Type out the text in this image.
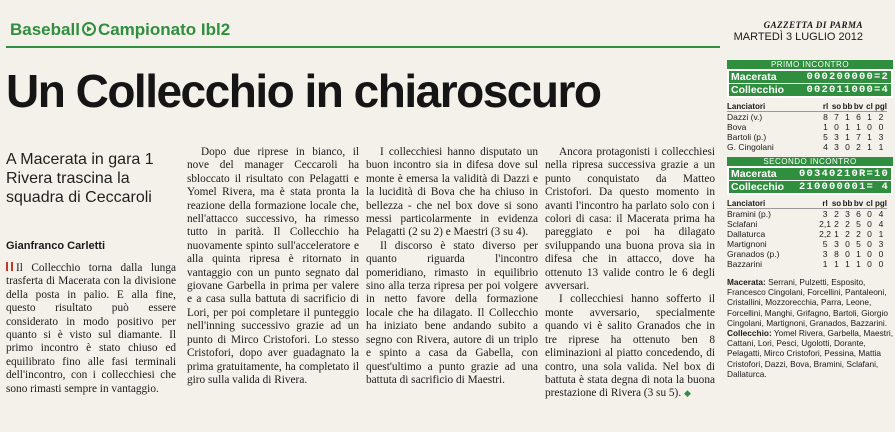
Baseball Campionato Ibl2	GAZZETTA DI PARMA
MARTEDÌ 3 LUGLIO 2012
Un Collecchio in chiaroscuro
A Macerata in gara 1 Rivera trascina la squadra di Ceccaroli
Gianfranco Carletti

Il Collecchio torna dalla lunga trasferta di Macerata con la divisione della posta in palio. E alla fine, questo risultato può essere considerato in modo positivo per quanto si è visto sul diamante. Il primo incontro è stato chiuso ed equilibrato fino alle fasi terminali dell'incontro, con i collecchiesi che sono rimasti sempre in vantaggio.

Dopo due riprese in bianco, il nove del manager Ceccaroli ha sbloccato il risultato con Pelagatti e Yomel Rivera, ma è stata pronta la reazione della formazione locale che, nell'attacco successivo, ha rimesso tutto in parità. Il Collecchio ha nuovamente spinto sull'acceleratore e alla quinta ripresa è ritornato in vantaggio con un punto segnato dal giovane Garbella in prima per valere e a casa sulla battuta di sacrificio di Lori, per poi completare il punteggio nell'inning successivo grazie ad un punto di Mirco Cristofori. Lo stesso Cristofori, dopo aver guadagnato la prima gratuitamente, ha completato il giro sulla valida di Rivera.

I collecchiesi hanno disputato un buon incontro sia in difesa dove sul monte è emersa la validità di Dazzi e la lucidità di Bova che ha chiuso in bellezza - che nel box dove si sono messi particolarmente in evidenza Pelagatti (2 su 2) e Maestri (3 su 4).

Il discorso è stato diverso per quanto riguarda l'incontro pomeridiano, rimasto in equilibrio sino alla terza ripresa per poi volgere in netto favore della formazione locale che ha dilagato. Il Collecchio ha iniziato bene andando subito a segno con Rivera, autore di un triplo e spinto a casa da Gabella, con quest'ultimo a punto grazie ad una battuta di sacrificio di Maestri.

Ancora protagonisti i collecchiesi nella ripresa successiva grazie a un punto conquistato da Matteo Cristofori. Da questo momento in avanti l'incontro ha parlato solo con i colori di casa: il Macerata prima ha pareggiato e poi ha dilagato sviluppando una buona prova sia in difesa che in attacco, dove ha ottenuto 13 valide contro le 6 degli avversari.

I collecchiesi hanno sofferto il monte avversario, specialmente quando vi è salito Granados che in tre riprese ha ottenuto ben 8 eliminazioni al piatto concedendo, di contro, una sola valida. Nel box di battuta è stata degna di nota la buona prestazione di Rivera (3 su 5). ◆

PRIMO INCONTRO
Macerata	000200000=2
Collecchio	002011000=4
Lanciatori	rl	so	bb	bv	cl	pgl
Dazzi (v.)	8	7	1	6	1	2
Bova	1	0	1	1	0	0
Bartoli (p.)	5	3	1	7	1	3
G. Cingolani	4	3	0	2	1	1
SECONDO INCONTRO
Macerata	00340210R=10
Collecchio	210000001= 4
Lanciatori	rl	so	bb	bv	cl	pgl
Bramini (p.)	3	2	3	6	0	4
Sclafani	2,1	2	2	5	0	4
Dallaturca	2,2	1	2	2	0	1
Martignoni	5	3	0	5	0	3
Granados (p.)	3	8	0	1	0	0
Bazzarini	1	1	1	1	0	0
Macerata: Serrani, Pulzetti, Esposito, Francesco Cingolani, Forcellini, Pantaleoni, Cristallini, Mozzorecchia, Parra, Leone, Forcellini, Manghi, Grifagno, Bartoli, Giorgio Cingolani, Martignoni, Granados, Bazzarini.
Collecchio: Yomel Rivera, Garbella, Maestri, Cattani, Lori, Pesci, Ugolotti, Dorante, Pelagatti, Mirco Cristofori, Pessina, Mattia Cristofori, Dazzi, Bova, Bramini, Sclafani, Dallaturca.
